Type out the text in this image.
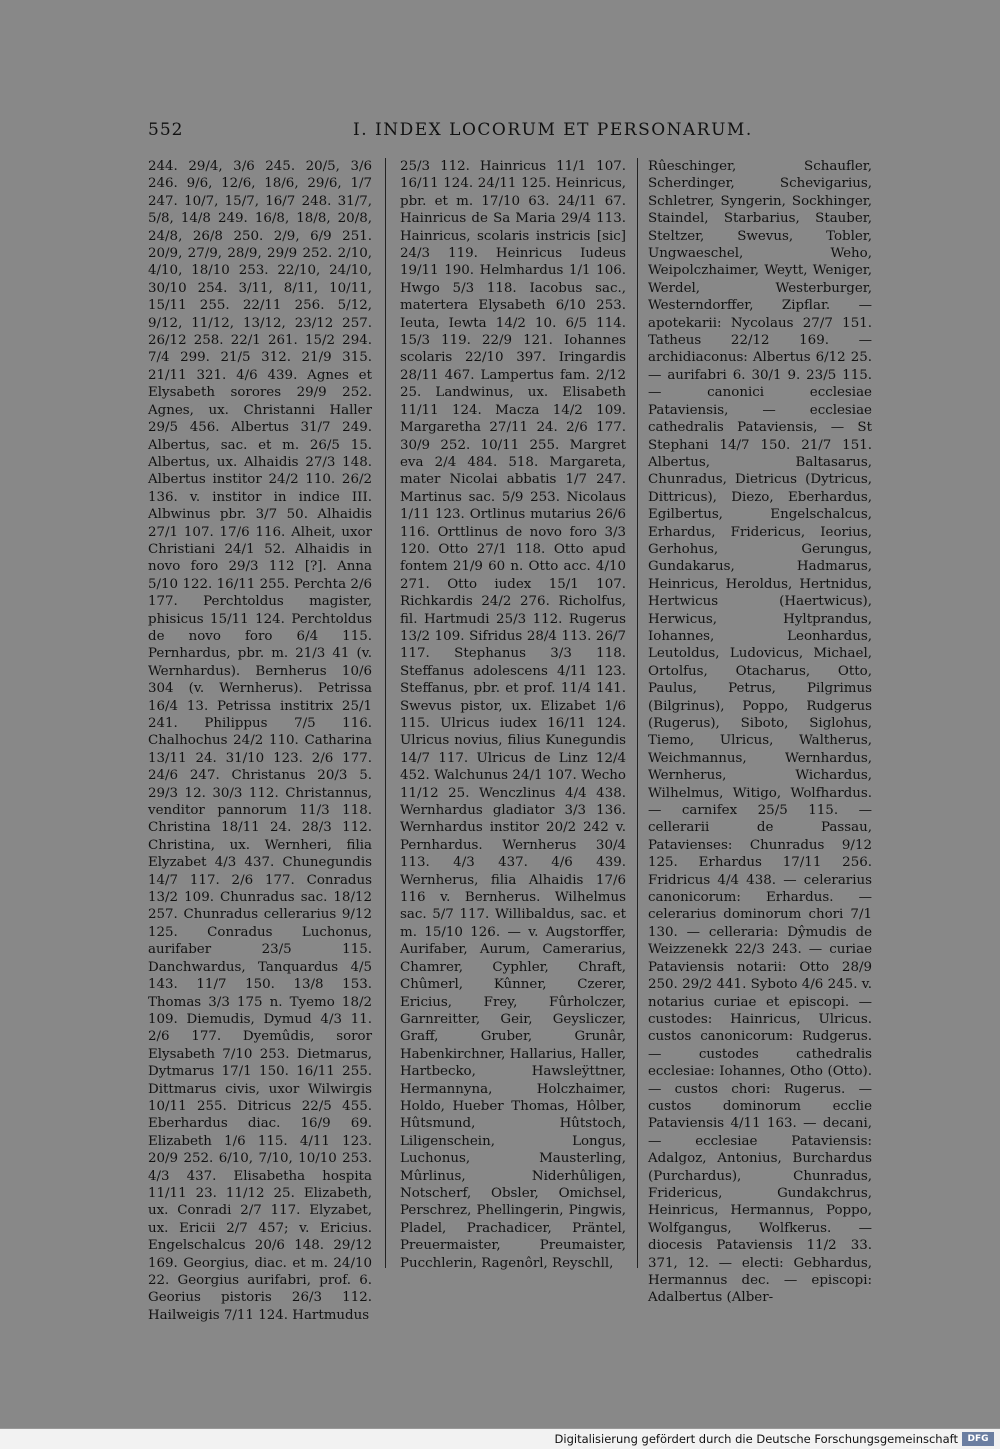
552	I. INDEX LOCORUM ET PERSONARUM.
244. 29/4, 3/6 245. 20/5, 3/6 246. 9/6, 12/6, 18/6, 29/6, 1/7 247. 10/7, 15/7, 16/7 248. 31/7, 5/8, 14/8 249. 16/8, 18/8, 20/8, 24/8, 26/8 250. 2/9, 6/9 251. 20/9, 27/9, 28/9, 29/9 252. 2/10, 4/10, 18/10 253. 22/10, 24/10, 30/10 254. 3/11, 8/11, 10/11, 15/11 255. 22/11 256. 5/12, 9/12, 11/12, 13/12, 23/12 257. 26/12 258. 22/1 261. 15/2 294. 7/4 299. 21/5 312. 21/9 315. 21/11 321. 4/6 439. Agnes et Elysabeth sorores 29/9 252. Agnes, ux. Christanni Haller 29/5 456. Albertus 31/7 249. Albertus, sac. et m. 26/5 15. Albertus, ux. Alhaidis 27/3 148. Albertus institor 24/2 110. 26/2 136. v. institor in indice III. Albwinus pbr. 3/7 50. Alhaidis 27/1 107. 17/6 116. Alheit, uxor Christiani 24/1 52. Alhaidis in novo foro 29/3 112 [?]. Anna 5/10 122. 16/11 255. Perchta 2/6 177. Perchtoldus magister, phisicus 15/11 124. Perchtoldus de novo foro 6/4 115. Pernhardus, pbr. m. 21/3 41 (v. Wernhardus). Bernherus 10/6 304 (v. Wernherus). Petrissa 16/4 13. Petrissa institrix 25/1 241. Philippus 7/5 116. Chalhochus 24/2 110. Catharina 13/11 24. 31/10 123. 2/6 177. 24/6 247. Christanus 20/3 5. 29/3 12. 30/3 112. Christannus, venditor pannorum 11/3 118. Christina 18/11 24. 28/3 112. Christina, ux. Wernheri, filia Elyzabet 4/3 437. Chunegundis 14/7 117. 2/6 177. Conradus 13/2 109. Chunradus sac. 18/12 257. Chunradus cellerarius 9/12 125. Conradus Luchonus, aurifaber 23/5 115. Danchwardus, Tanquardus 4/5 143. 11/7 150. 13/8 153. Thomas 3/3 175 n. Tyemo 18/2 109. Diemudis, Dymud 4/3 11. 2/6 177. Dyemûdis, soror Elysabeth 7/10 253. Dietmarus, Dytmarus 17/1 150. 16/11 255. Dittmarus civis, uxor Wilwirgis 10/11 255. Ditricus 22/5 455. Eberhardus diac. 16/9 69. Elizabeth 1/6 115. 4/11 123. 20/9 252. 6/10, 7/10, 10/10 253. 4/3 437. Elisabetha hospita 11/11 23. 11/12 25. Elizabeth, ux. Conradi 2/7 117. Elyzabet, ux. Ericii 2/7 457; v. Ericius. Engelschalcus 20/6 148. 29/12 169. Georgius, diac. et m. 24/10 22. Georgius aurifabri, prof. 6. Georius pistoris 26/3 112. Hailweigis 7/11 124. Hartmudus
25/3 112. Hainricus 11/1 107. 16/11 124. 24/11 125. Heinricus, pbr. et m. 17/10 63. 24/11 67. Hainricus de Sa Maria 29/4 113. Hainricus, scolaris instricis [sic] 24/3 119. Heinricus Iudeus 19/11 190. Helmhardus 1/1 106. Hwgo 5/3 118. Iacobus sac., matertera Elysabeth 6/10 253. Ieuta, Iewta 14/2 10. 6/5 114. 15/3 119. 22/9 121. Iohannes scolaris 22/10 397. Iringardis 28/11 467. Lampertus fam. 2/12 25. Landwinus, ux. Elisabeth 11/11 124. Macza 14/2 109. Margaretha 27/11 24. 2/6 177. 30/9 252. 10/11 255. Margret eva 2/4 484. 518. Margareta, mater Nicolai abbatis 1/7 247. Martinus sac. 5/9 253. Nicolaus 1/11 123. Ortlinus mutarius 26/6 116. Orttlinus de novo foro 3/3 120. Otto 27/1 118. Otto apud fontem 21/9 60 n. Otto acc. 4/10 271. Otto iudex 15/1 107. Richkardis 24/2 276. Richolfus, fil. Hartmudi 25/3 112. Rugerus 13/2 109. Sifridus 28/4 113. 26/7 117. Stephanus 3/3 118. Steffanus adolescens 4/11 123. Steffanus, pbr. et prof. 11/4 141. Swevus pistor, ux. Elizabet 1/6 115. Ulricus iudex 16/11 124. Ulricus novius, filius Kunegundis 14/7 117. Ulricus de Linz 12/4 452. Walchunus 24/1 107. Wecho 11/12 25. Wenczlinus 4/4 438. Wernhardus gladiator 3/3 136. Wernhardus institor 20/2 242 v. Pernhardus. Wernherus 30/4 113. 4/3 437. 4/6 439. Wernherus, filia Alhaidis 17/6 116 v. Bernherus. Wilhelmus sac. 5/7 117. Willibaldus, sac. et m. 15/10 126. — v. Augstorffer, Aurifaber, Aurum, Camerarius, Chamrer, Cyphler, Chraft, Chûmerl, Kûnner, Czerer, Ericius, Frey, Fûrholczer, Garnreitter, Geir, Geysliczer, Graff, Gruber, Grunâr, Habenkirchner, Hallarius, Haller, Hartbecko, Hawsleÿttner, Hermannyna, Holczhaimer, Holdo, Hueber Thomas, Hôlber, Hûtsmund, Hûtstoch, Liligenschein, Longus, Luchonus, Mausterling, Mûrlinus, Niderhûligen, Notscherf, Obsler, Omichsel, Perschrez, Phellingerin, Pingwis, Pladel, Prachadicer, Präntel, Preuermaister, Preumaister, Pucchlerin, Ragenôrl, Reyschll,
Rûeschinger, Schaufler, Scherdinger, Schevigarius, Schletrer, Syngerin, Sockhinger, Staindel, Starbarius, Stauber, Steltzer, Swevus, Tobler, Ungwaeschel, Weho, Weipolczhaimer, Weytt, Weniger, Werdel, Westerburger, Westerndorffer, Zipflar. — apotekarii: Nycolaus 27/7 151. Tatheus 22/12 169. — archidiaconus: Albertus 6/12 25. — aurifabri 6. 30/1 9. 23/5 115. — canonici ecclesiae Pataviensis, — ecclesiae cathedralis Pataviensis, — St Stephani 14/7 150. 21/7 151. Albertus, Baltasarus, Chunradus, Dietricus (Dytricus, Dittricus), Diezo, Eberhardus, Egilbertus, Engelschalcus, Erhardus, Fridericus, Ieorius, Gerhohus, Gerungus, Gundakarus, Hadmarus, Heinricus, Heroldus, Hertnidus, Hertwicus (Haertwicus), Herwicus, Hyltprandus, Iohannes, Leonhardus, Leutoldus, Ludovicus, Michael, Ortolfus, Otacharus, Otto, Paulus, Petrus, Pilgrimus (Bilgrinus), Poppo, Rudgerus (Rugerus), Siboto, Siglohus, Tiemo, Ulricus, Waltherus, Weichmannus, Wernhardus, Wernherus, Wichardus, Wilhelmus, Witigo, Wolfhardus. — carnifex 25/5 115. — cellerarii de Passau, Patavienses: Chunradus 9/12 125. Erhardus 17/11 256. Fridricus 4/4 438. — celerarius canonicorum: Erhardus. — celerarius dominorum chori 7/1 130. — celleraria: Dŷmudis de Weizzenekk 22/3 243. — curiae Pataviensis notarii: Otto 28/9 250. 29/2 441. Syboto 4/6 245. v. notarius curiae et episcopi. — custodes: Hainricus, Ulricus. custos canonicorum: Rudgerus. — custodes cathedralis ecclesiae: Iohannes, Otho (Otto). — custos chori: Rugerus. — custos dominorum ecclie Pataviensis 4/11 163. — decani, — ecclesiae Pataviensis: Adalgoz, Antonius, Burchardus (Purchardus), Chunradus, Fridericus, Gundakchrus, Heinricus, Hermannus, Poppo, Wolfgangus, Wolfkerus. — diocesis Pataviensis 11/2 33. 371, 12. — electi: Gebhardus, Hermannus dec. — episcopi: Adalbertus (Alber-
Digitalisierung gefördert durch die Deutsche Forschungsgemeinschaft	DFG
